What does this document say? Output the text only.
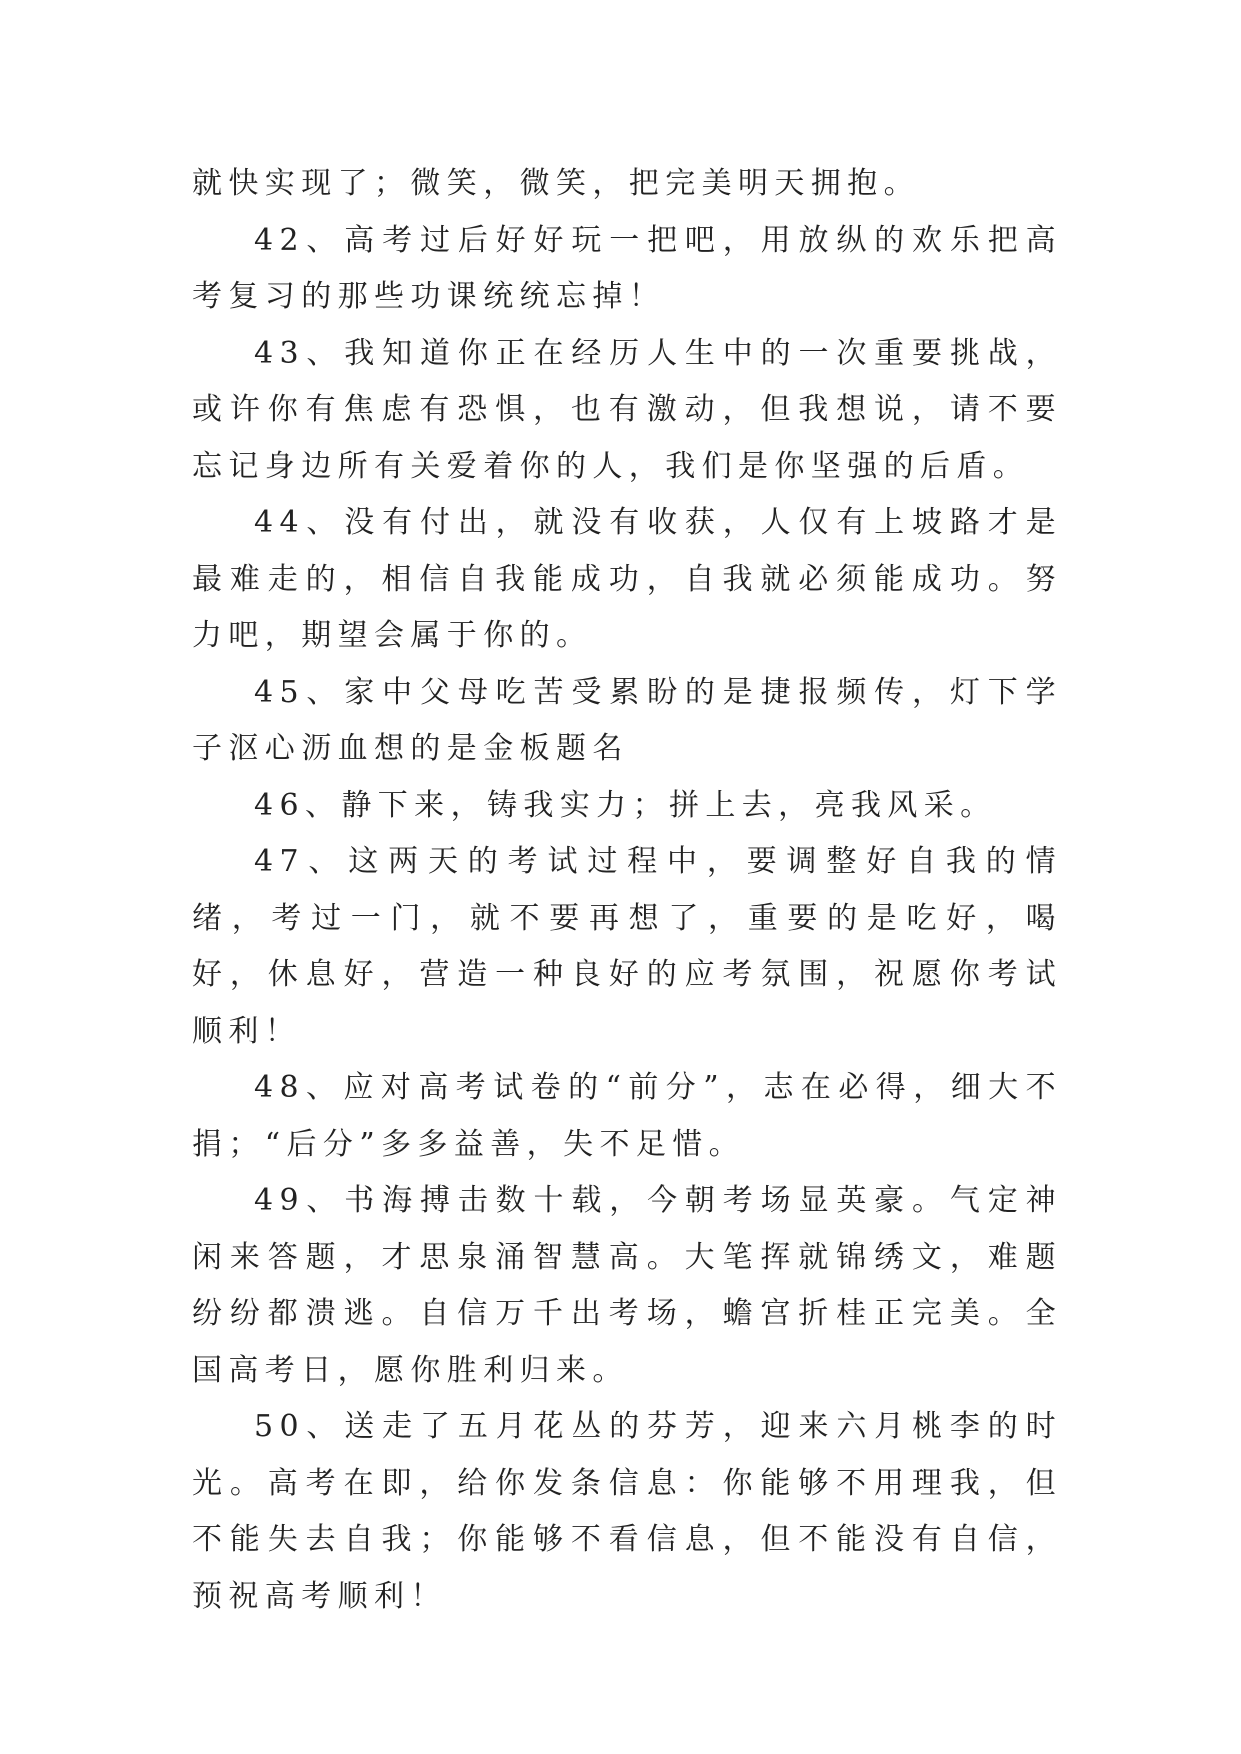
就快实现了；微笑，微笑，把完美明天拥抱。

42、高考过后好好玩一把吧，用放纵的欢乐把高考复习的那些功课统统忘掉！

43、我知道你正在经历人生中的一次重要挑战，或许你有焦虑有恐惧，也有激动，但我想说，请不要忘记身边所有关爱着你的人，我们是你坚强的后盾。

44、没有付出，就没有收获，人仅有上坡路才是最难走的，相信自我能成功，自我就必须能成功。努力吧，期望会属于你的。

45、家中父母吃苦受累盼的是捷报频传，灯下学子沤心沥血想的是金板题名

46、静下来，铸我实力；拼上去，亮我风采。

47、这两天的考试过程中，要调整好自我的情绪，考过一门，就不要再想了，重要的是吃好，喝好，休息好，营造一种良好的应考氛围，祝愿你考试顺利！

48、应对高考试卷的“前分”，志在必得，细大不捐；“后分”多多益善，失不足惜。

49、书海搏击数十载，今朝考场显英豪。气定神闲来答题，才思泉涌智慧高。大笔挥就锦绣文，难题纷纷都溃逃。自信万千出考场，蟾宫折桂正完美。全国高考日，愿你胜利归来。

50、送走了五月花丛的芬芳，迎来六月桃李的时光。高考在即，给你发条信息：你能够不用理我，但不能失去自我；你能够不看信息，但不能没有自信，预祝高考顺利！
